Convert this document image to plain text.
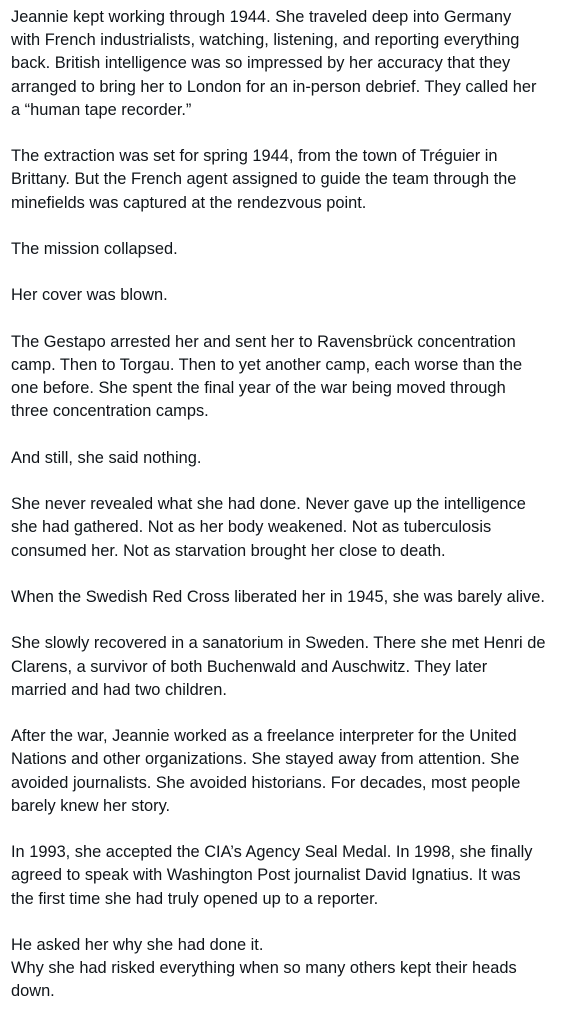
Jeannie kept working through 1944. She traveled deep into Germany
with French industrialists, watching, listening, and reporting everything
back. British intelligence was so impressed by her accuracy that they
arranged to bring her to London for an in-person debrief. They called her
a “human tape recorder.”

The extraction was set for spring 1944, from the town of Tréguier in
Brittany. But the French agent assigned to guide the team through the
minefields was captured at the rendezvous point.

The mission collapsed.

Her cover was blown.

The Gestapo arrested her and sent her to Ravensbrück concentration
camp. Then to Torgau. Then to yet another camp, each worse than the
one before. She spent the final year of the war being moved through
three concentration camps.

And still, she said nothing.

She never revealed what she had done. Never gave up the intelligence
she had gathered. Not as her body weakened. Not as tuberculosis
consumed her. Not as starvation brought her close to death.

When the Swedish Red Cross liberated her in 1945, she was barely alive.

She slowly recovered in a sanatorium in Sweden. There she met Henri de
Clarens, a survivor of both Buchenwald and Auschwitz. They later
married and had two children.

After the war, Jeannie worked as a freelance interpreter for the United
Nations and other organizations. She stayed away from attention. She
avoided journalists. She avoided historians. For decades, most people
barely knew her story.

In 1993, she accepted the CIA’s Agency Seal Medal. In 1998, she finally
agreed to speak with Washington Post journalist David Ignatius. It was
the first time she had truly opened up to a reporter.

He asked her why she had done it.
Why she had risked everything when so many others kept their heads
down.
